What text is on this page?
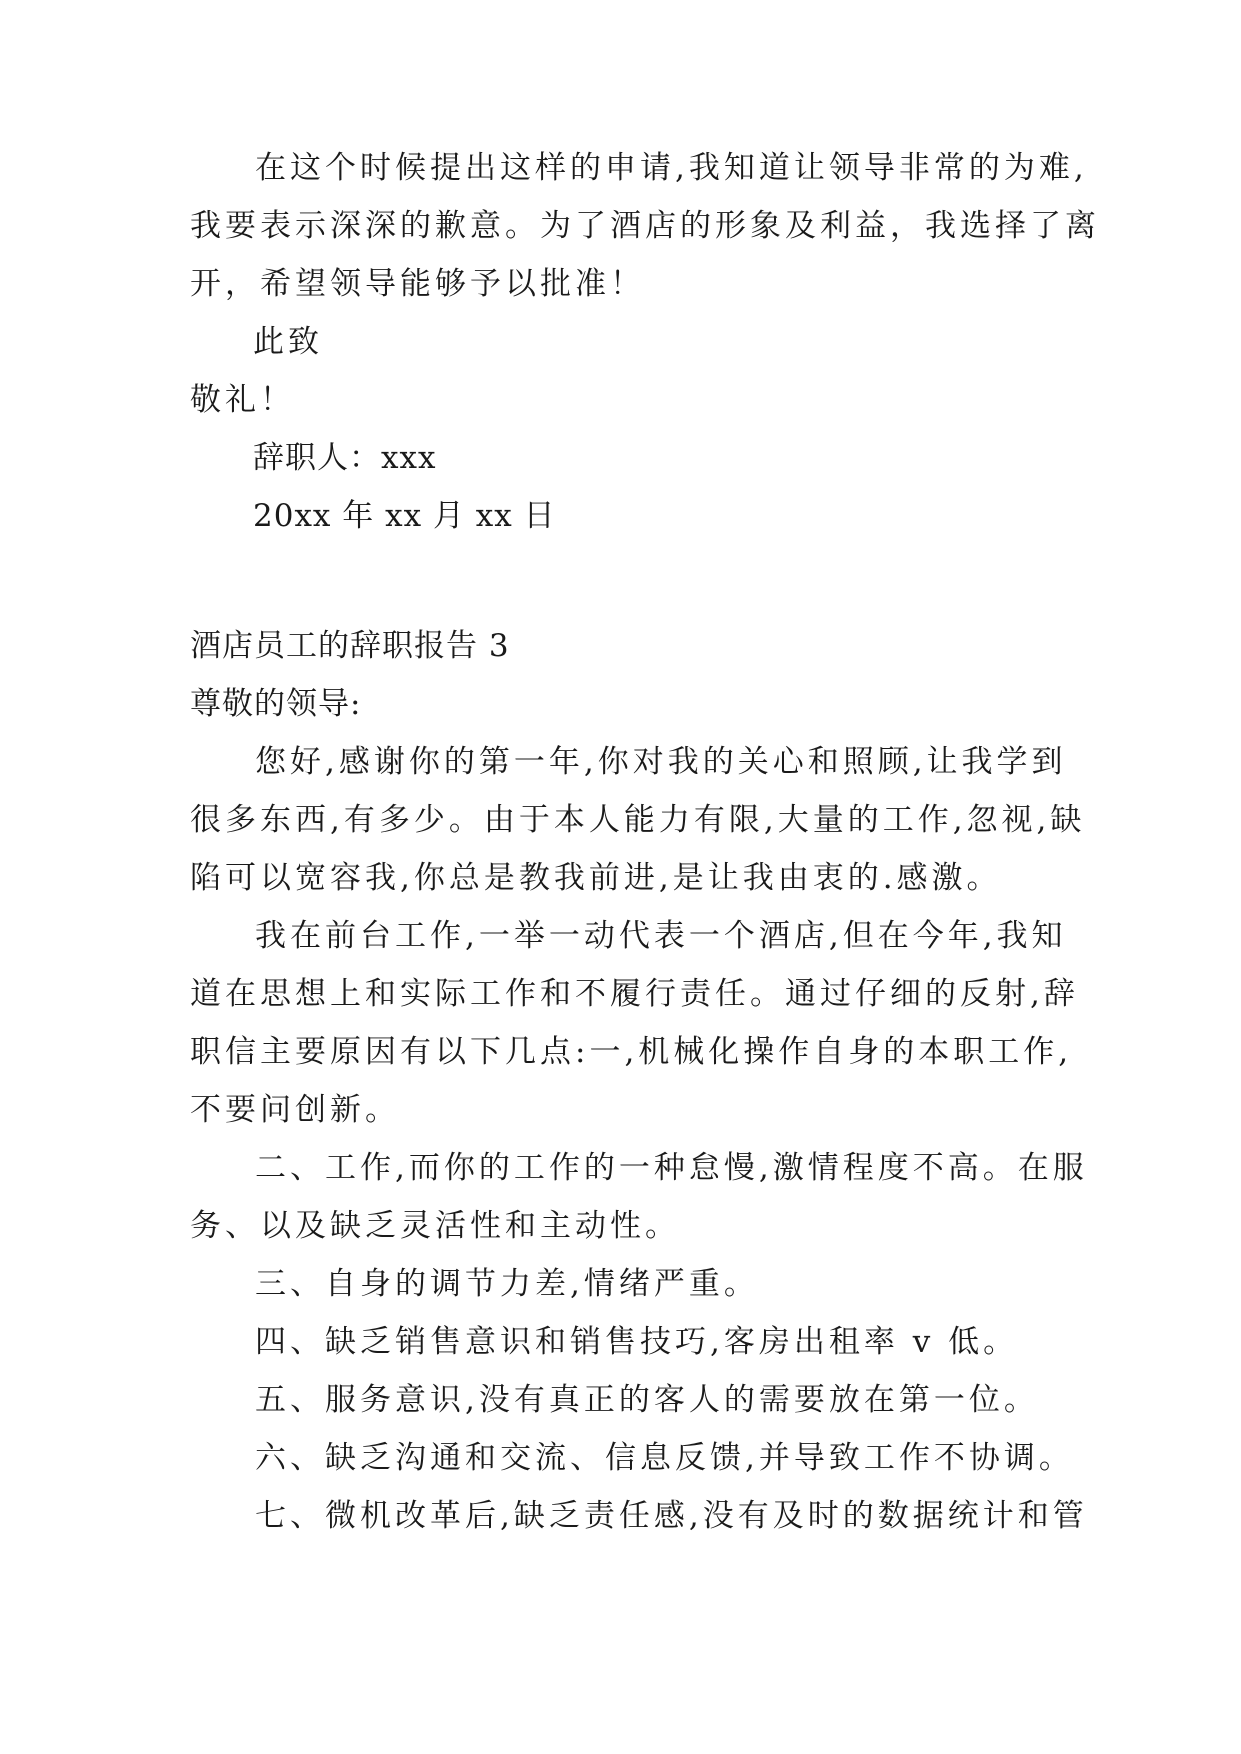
在这个时候提出这样的申请,我知道让领导非常的为难,
我要表示深深的歉意。为了酒店的形象及利益，我选择了离
开，希望领导能够予以批准！
此致
敬礼！
辞职人：xxx
20xx 年 xx 月 xx 日
酒店员工的辞职报告 3
尊敬的领导:
您好,感谢你的第一年,你对我的关心和照顾,让我学到
很多东西,有多少。由于本人能力有限,大量的工作,忽视,缺
陷可以宽容我,你总是教我前进,是让我由衷的.感激。
我在前台工作,一举一动代表一个酒店,但在今年,我知
道在思想上和实际工作和不履行责任。通过仔细的反射,辞
职信主要原因有以下几点:一,机械化操作自身的本职工作,
不要问创新。
二、工作,而你的工作的一种怠慢,激情程度不高。在服
务、以及缺乏灵活性和主动性。
三、自身的调节力差,情绪严重。
四、缺乏销售意识和销售技巧,客房出租率 v 低。
五、服务意识,没有真正的客人的需要放在第一位。
六、缺乏沟通和交流、信息反馈,并导致工作不协调。
七、微机改革后,缺乏责任感,没有及时的数据统计和管
